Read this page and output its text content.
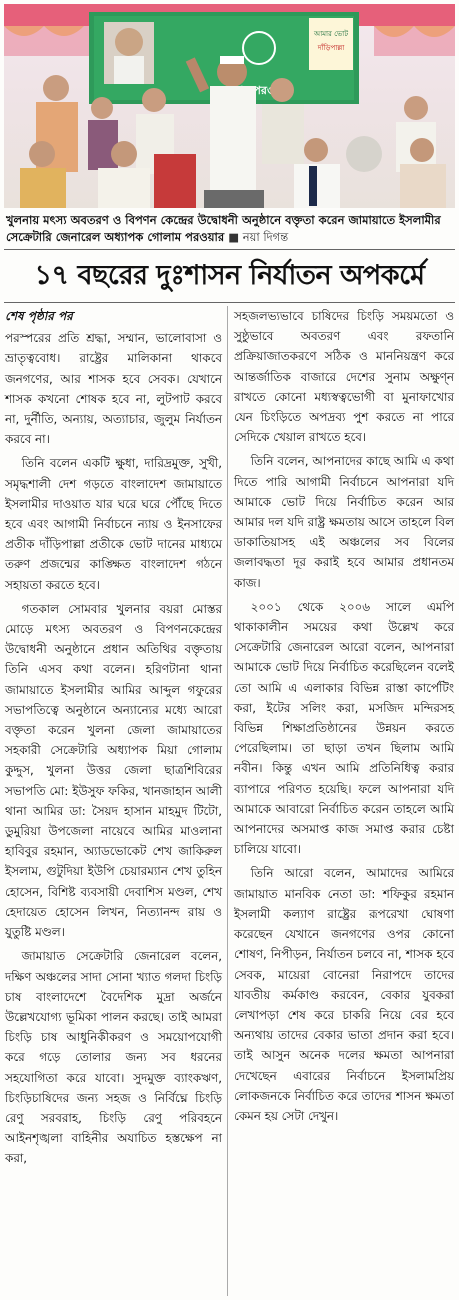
আমার ভোট
দাঁড়িপাল্লা
খুলনায় মৎস্য অবতরণ ও বিপণন কেন্দ্রের উদ্বোধনী অনুষ্ঠানে বক্তৃতা করেন জামায়াতে ইসলামীর সেক্রেটারি জেনারেল অধ্যাপক গোলাম পরওয়ার ■ নয়া দিগন্ত
১৭ বছরের দুঃশাসন নির্যাতন অপকর্মে
শেষ পৃষ্ঠার পর

পরস্পরের প্রতি শ্রদ্ধা, সম্মান, ভালোবাসা ও ভ্রাতৃত্ববোধ। রাষ্ট্রের মালিকানা থাকবে জনগণের, আর শাসক হবে সেবক। যেখানে শাসক কখনো শোষক হবে না, লুটপাট করবে না, দুর্নীতি, অন্যায়, অত্যাচার, জুলুম নির্যাতন করবে না।

তিনি বলেন একটি ক্ষুধা, দারিদ্রমুক্ত, সুখী, সমৃদ্ধশালী দেশ গড়তে বাংলাদেশ জামায়াতে ইসলামীর দাওয়াত যার ঘরে ঘরে পৌঁছে দিতে হবে এবং আগামী নির্বাচনে ন্যায় ও ইনসাফের প্রতীক দাঁড়িপাল্লা প্রতীকে ভোট দানের মাধ্যমে তরুণ প্রজন্মের কাঙ্ক্ষিত বাংলাদেশ গঠনে সহায়তা করতে হবে।

গতকাল সোমবার খুলনার বয়রা মোস্তর মোড়ে মৎস্য অবতরণ ও বিপণনকেন্দ্রের উদ্বোধনী অনুষ্ঠানে প্রধান অতিথির বক্তৃতায় তিনি এসব কথা বলেন। হরিণটানা থানা জামায়াতে ইসলামীর আমির আব্দুল গফুরের সভাপতিত্বে অনুষ্ঠানে অন্যান্যের মধ্যে আরো বক্তৃতা করেন খুলনা জেলা জামায়াতের সহকারী সেক্রেটারি অধ্যাপক মিয়া গোলাম কুদ্দুস, খুলনা উত্তর জেলা ছাত্রশিবিরের সভাপতি মো: ইউসুফ ফকির, খানজাহান আলী থানা আমির ডা: সৈয়দ হাসান মাহমুদ টিটো, ডুমুরিয়া উপজেলা নায়েবে আমির মাওলানা হাবিবুর রহমান, অ্যাডভোকেট শেখ জাকিরুল ইসলাম, গুটুদিয়া ইউপি চেয়ারম্যান শেখ তুহিন হোসেন, বিশিষ্ট ব্যবসায়ী দেবাশিস মণ্ডল, শেখ হেদায়েত হোসেন লিখন, নিত্যানন্দ রায় ও যুতুষ্টি মণ্ডল।

জামায়াত সেক্রেটারি জেনারেল বলেন, দক্ষিণ অঞ্চলের সাদা সোনা খ্যাত গলদা চিংড়ি চাষ বাংলাদেশে বৈদেশিক মুদ্রা অর্জনে উল্লেখযোগ্য ভূমিকা পালন করছে। তাই আমরা চিংড়ি চাষ আধুনিকীকরণ ও সময়োপযোগী করে গড়ে তোলার জন্য সব ধরনের সহযোগিতা করে যাবো। সুদমুক্ত ব্যাংকঋণ, চিংড়িচাষিদের জন্য সহজ ও নির্বিঘ্নে চিংড়ি রেণু সরবরাহ, চিংড়ি রেণু পরিবহনে আইনশৃঙ্খলা বাহিনীর অযাচিত হস্তক্ষেপ না করা,

সহজলভ্যভাবে চাষিদের চিংড়ি সময়মতো ও সুষ্ঠুভাবে অবতরণ এবং রফতানি প্রক্রিয়াজাতকরণে সঠিক ও মাননিয়ন্ত্রণ করে আন্তর্জাতিক বাজারে দেশের সুনাম অক্ষুণ্ন রাখতে কোনো মধ্যস্বত্বভোগী বা মুনাফাখোর যেন চিংড়িতে অপদ্রব্য পুশ করতে না পারে সেদিকে খেয়াল রাখতে হবে।

তিনি বলেন, আপনাদের কাছে আমি এ কথা দিতে পারি আগামী নির্বাচনে আপনারা যদি আমাকে ভোট দিয়ে নির্বাচিত করেন আর আমার দল যদি রাষ্ট্র ক্ষমতায় আসে তাহলে বিল ডাকাতিয়াসহ এই অঞ্চলের সব বিলের জলাবদ্ধতা দূর করাই হবে আমার প্রধানতম কাজ।

২০০১ থেকে ২০০৬ সালে এমপি থাকাকালীন সময়ের কথা উল্লেখ করে সেক্রেটারি জেনারেল আরো বলেন, আপনারা আমাকে ভোট দিয়ে নির্বাচিত করেছিলেন বলেই তো আমি এ এলাকার বিভিন্ন রাস্তা কার্পেটিং করা, ইটের সলিং করা, মসজিদ মন্দিরসহ বিভিন্ন শিক্ষাপ্রতিষ্ঠানের উন্নয়ন করতে পেরেছিলাম। তা ছাড়া তখন ছিলাম আমি নবীন। কিন্তু এখন আমি প্রতিনিধিত্ব করার ব্যাপারে পরিণত হয়েছি। ফলে আপনারা যদি আমাকে আবারো নির্বাচিত করেন তাহলে আমি আপনাদের অসমাপ্ত কাজ সমাপ্ত করার চেষ্টা চালিয়ে যাবো।

তিনি আরো বলেন, আমাদের আমিরে জামায়াত মানবিক নেতা ডা: শফিকুর রহমান ইসলামী কল্যাণ রাষ্ট্রের রূপরেখা ঘোষণা করেছেন যেখানে জনগণের ওপর কোনো শোষণ, নিপীড়ন, নির্যাতন চলবে না, শাসক হবে সেবক, মায়েরা বোনেরা নিরাপদে তাদের যাবতীয় কর্মকাণ্ড করবেন, বেকার যুবকরা লেখাপড়া শেষ করে চাকরি নিয়ে বের হবে অন্যথায় তাদের বেকার ভাতা প্রদান করা হবে। তাই আসুন অনেক দলের ক্ষমতা আপনারা দেখেছেন এবারের নির্বাচনে ইসলামপ্রিয় লোকজনকে নির্বাচিত করে তাদের শাসন ক্ষমতা কেমন হয় সেটা দেখুন।
